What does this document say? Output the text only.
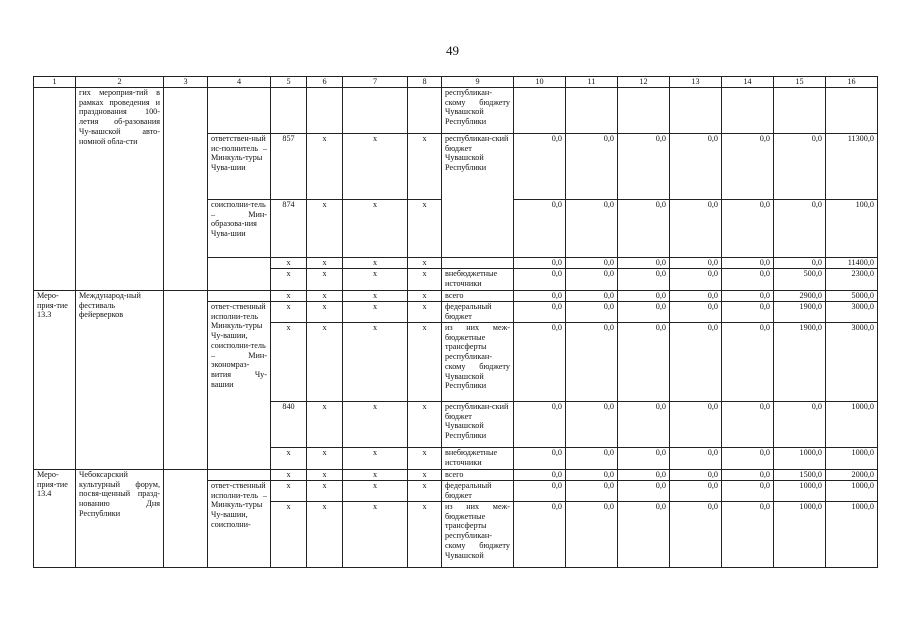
49
1	2	3	4	5	6	7	8	9	10	11	12	13	14	15	16
	гих мероприя-тий в рамках проведения и празднования 100-летия об-разования Чу-вашской авто-номной обла-сти							республикан-скому бюджету Чувашской Республики							
			ответствен-ный ис-полнитель – Минкуль-туры Чува-шии	857	х	х	х	республикан-ский бюджет Чувашской Республики	0,0	0,0	0,0	0,0	0,0	0,0	11300,0
			соисполни-тель – Мин-образова-ния Чува-шии	874	х	х	х		0,0	0,0	0,0	0,0	0,0	0,0	100,0
				х	х	х	х		0,0	0,0	0,0	0,0	0,0	0,0	11400,0
				х	х	х	х	внебюджетные источники	0,0	0,0	0,0	0,0	0,0	500,0	2300,0
Меро-прия-тие 13.3	Международ-ный фестиваль фейерверков			х	х	х	х	всего	0,0	0,0	0,0	0,0	0,0	2900,0	5000,0
			ответ-ственный исполни-тель Минкуль-туры Чу-вашии, соисполни-тель – Мин-экономраз-вития Чу-вашии	х	х	х	х	федеральный бюджет	0,0	0,0	0,0	0,0	0,0	1900,0	3000,0
				х	х	х	х	из них меж-бюджетные трансферты республикан-скому бюджету Чувашской Республики	0,0	0,0	0,0	0,0	0,0	1900,0	3000,0
				840	х	х	х	республикан-ский бюджет Чувашской Республики	0,0	0,0	0,0	0,0	0,0	0,0	1000,0
				х	х	х	х	внебюджетные источники	0,0	0,0	0,0	0,0	0,0	1000,0	1000,0
Меро-прия-тие 13.4	Чебоксарский культурный форум, посвя-щенный празд-нованию Дня Республики			х	х	х	х	всего	0,0	0,0	0,0	0,0	0,0	1500,0	2000,0
			ответ-ственный исполни-тель – Минкуль-туры Чу-вашии, соисполни-	х	х	х	х	федеральный бюджет	0,0	0,0	0,0	0,0	0,0	1000,0	1000,0
				х	х	х	х	из них меж-бюджетные трансферты республикан-скому бюджету Чувашской	0,0	0,0	0,0	0,0	0,0	1000,0	1000,0
